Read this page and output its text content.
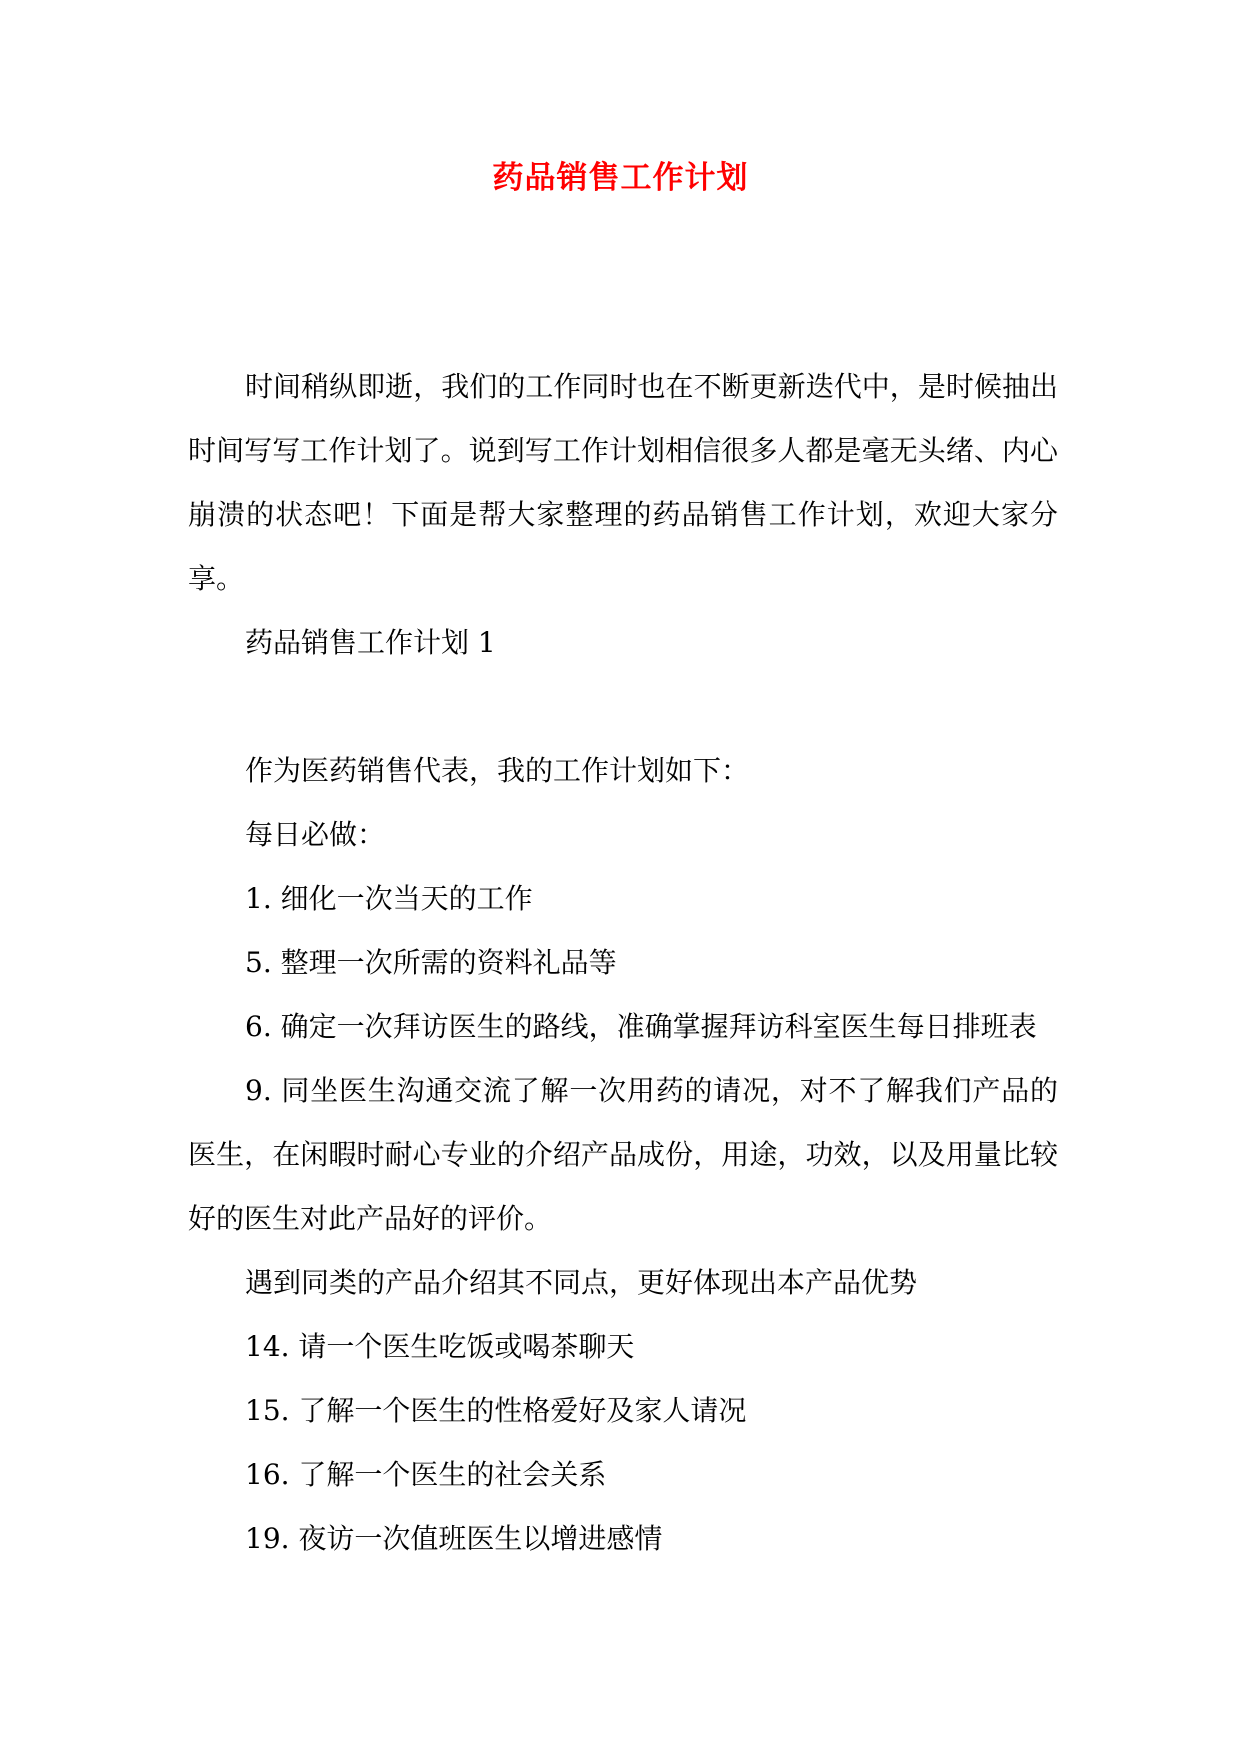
药品销售工作计划

时间稍纵即逝，我们的工作同时也在不断更新迭代中，是时候抽出时间写写工作计划了。说到写工作计划相信很多人都是毫无头绪、内心崩溃的状态吧！下面是帮大家整理的药品销售工作计划，欢迎大家分享。

药品销售工作计划 1

作为医药销售代表，我的工作计划如下：

每日必做：

1. 细化一次当天的工作

5. 整理一次所需的资料礼品等

6. 确定一次拜访医生的路线，准确掌握拜访科室医生每日排班表

9. 同坐医生沟通交流了解一次用药的请况，对不了解我们产品的医生，在闲暇时耐心专业的介绍产品成份，用途，功效，以及用量比较好的医生对此产品好的评价。

遇到同类的产品介绍其不同点，更好体现出本产品优势

14. 请一个医生吃饭或喝茶聊天

15. 了解一个医生的性格爱好及家人请况

16. 了解一个医生的社会关系

19. 夜访一次值班医生以增进感情
